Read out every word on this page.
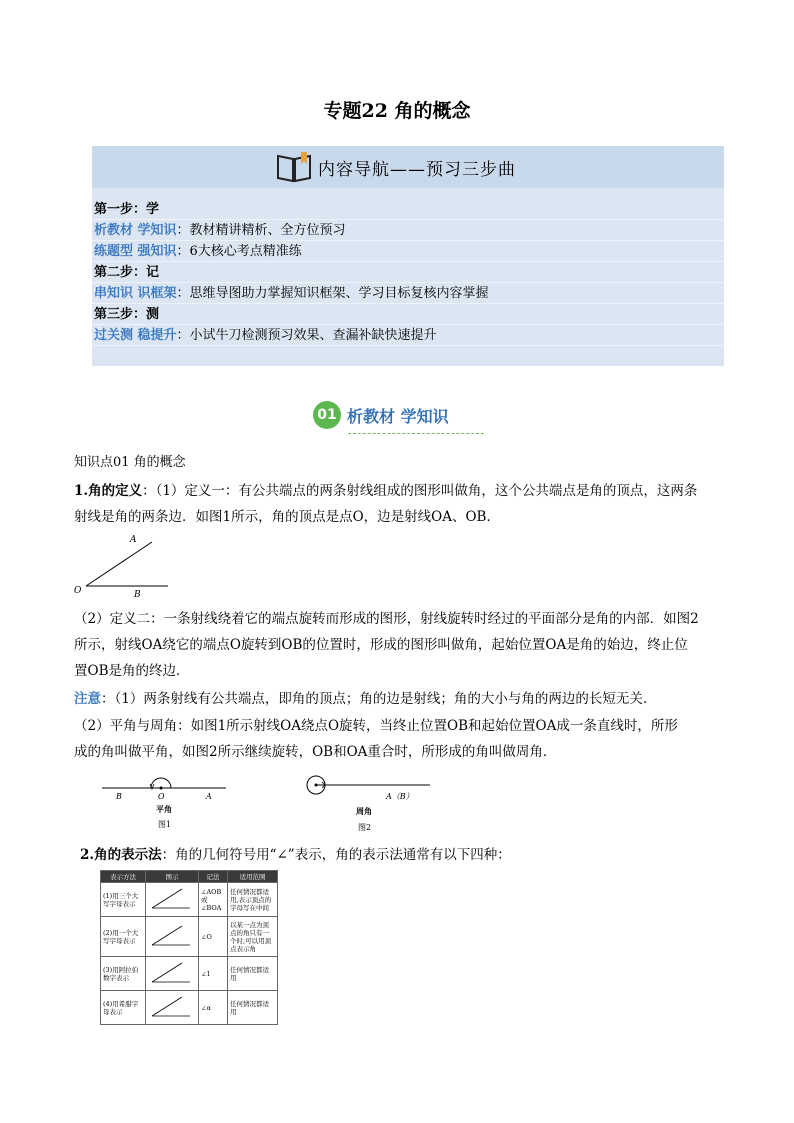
专题22 角的概念
内容导航——预习三步曲
第一步：学
析教材 学知识：教材精讲精析、全方位预习
练题型 强知识：6大核心考点精准练
第二步：记
串知识 识框架：思维导图助力掌握知识框架、学习目标复核内容掌握
第三步：测
过关测 稳提升：小试牛刀检测预习效果、查漏补缺快速提升
01 析教材 学知识
知识点01 角的概念
1.角的定义：（1）定义一：有公共端点的两条射线组成的图形叫做角，这个公共端点是角的顶点，这两条
射线是角的两条边．如图1所示，角的顶点是点O，边是射线OA、OB．
A
O	B
（2）定义二：一条射线绕着它的端点旋转而形成的图形，射线旋转时经过的平面部分是角的内部．如图2
所示，射线OA绕它的端点O旋转到OB的位置时，形成的图形叫做角，起始位置OA是角的始边，终止位
置OB是角的终边．
注意：（1）两条射线有公共端点，即角的顶点；角的边是射线；角的大小与角的两边的长短无关．
（2）平角与周角：如图1所示射线OA绕点O旋转，当终止位置OB和起始位置OA成一条直线时，所形
成的角叫做平角，如图2所示继续旋转，OB和OA重合时，所形成的角叫做周角．
B	O	A
平角
图1
A（B）
周角
图2
2.角的表示法：角的几何符号用“∠”表示，角的表示法通常有以下四种：
表示方法	图示	记法	适用范围
(1)用三个大写字母表示		∠AOB或∠BOA	任何情况都适用,表示顶点的字母写在中间
(2)用一个大写字母表示		∠O	以某一点为顶点的角只有一个时,可以用顶点表示角
(3)用阿拉伯数字表示		∠1	任何情况都适用
(4)用希腊字母表示		∠α	任何情况都适用
